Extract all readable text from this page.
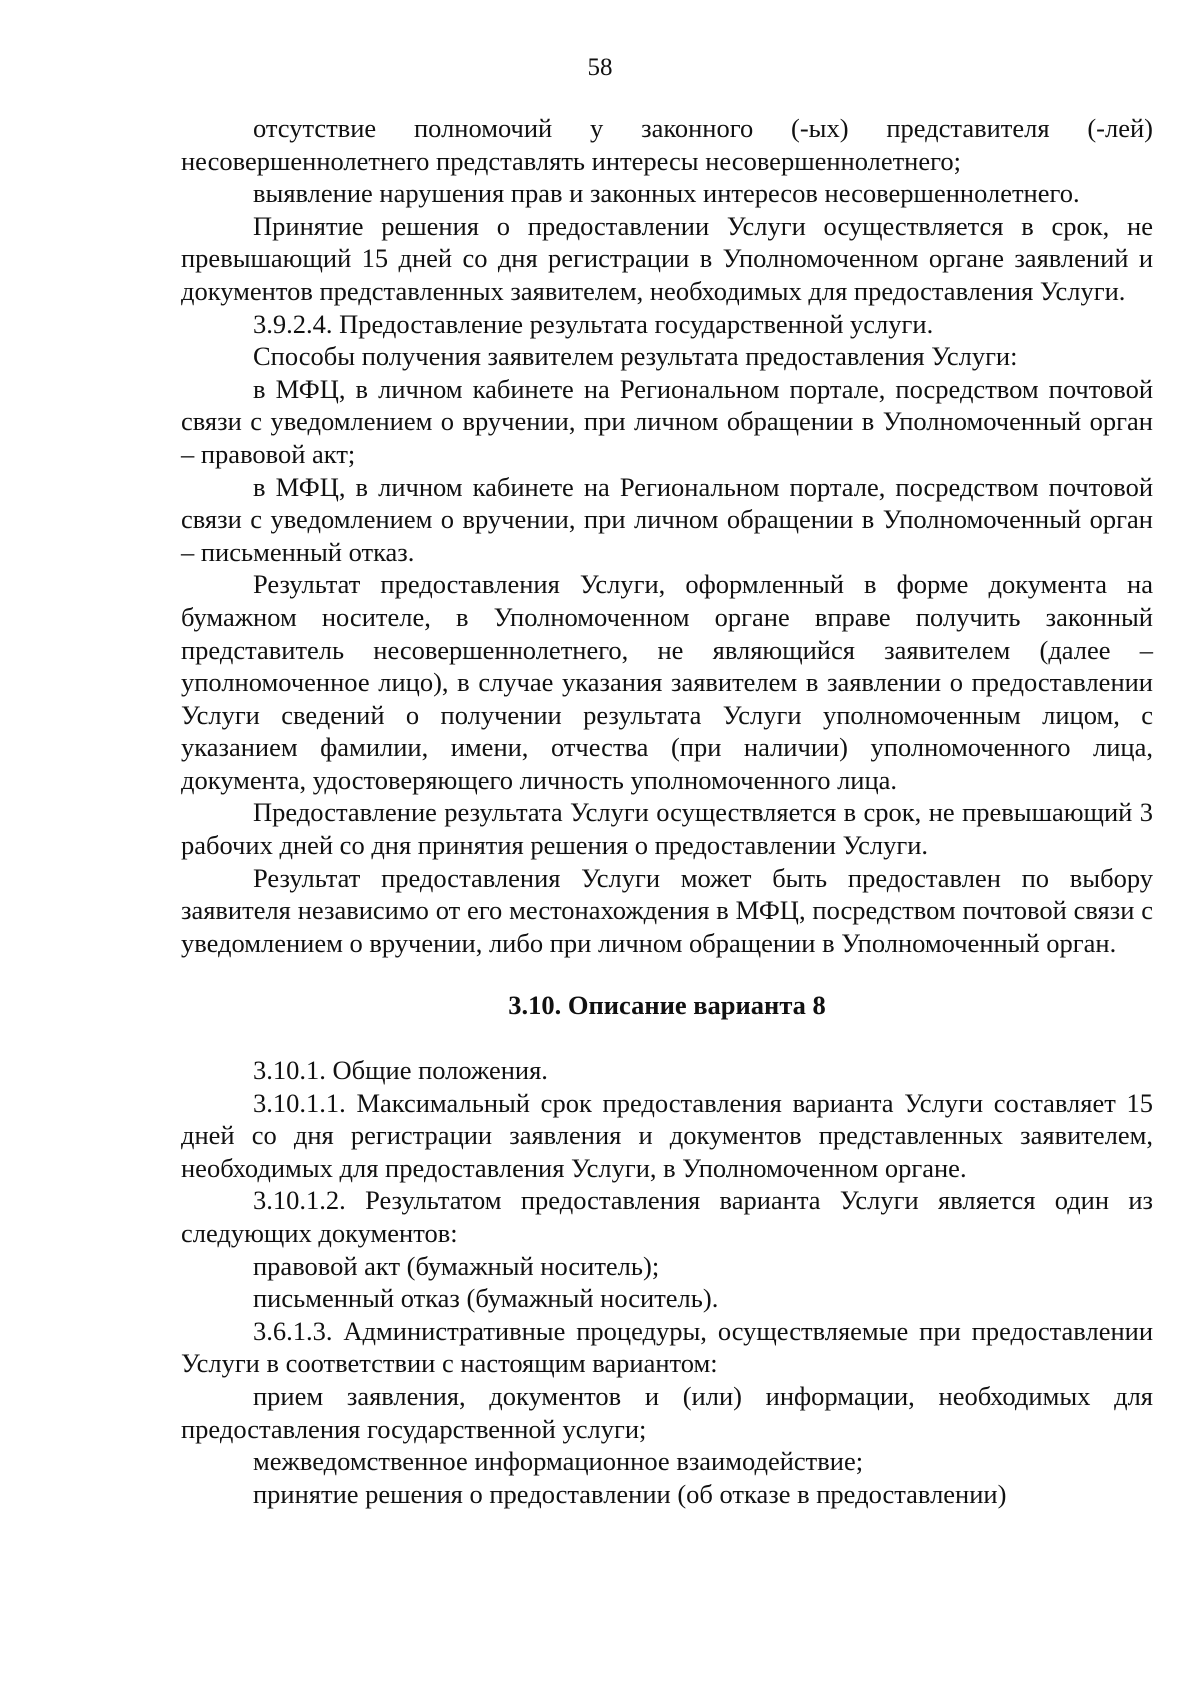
58

отсутствие полномочий у законного (-ых) представителя (-лей) несовершеннолетнего представлять интересы несовершеннолетнего;

выявление нарушения прав и законных интересов несовершеннолетнего.

Принятие решения о предоставлении Услуги осуществляется в срок, не превышающий 15 дней со дня регистрации в Уполномоченном органе заявлений и документов представленных заявителем, необходимых для предоставления Услуги.

3.9.2.4. Предоставление результата государственной услуги.

Способы получения заявителем результата предоставления Услуги:

в МФЦ, в личном кабинете на Региональном портале, посредством почтовой связи с уведомлением о вручении, при личном обращении в Уполномоченный орган – правовой акт;

в МФЦ, в личном кабинете на Региональном портале, посредством почтовой связи с уведомлением о вручении, при личном обращении в Уполномоченный орган – письменный отказ.

Результат предоставления Услуги, оформленный в форме документа на бумажном носителе, в Уполномоченном органе вправе получить законный представитель несовершеннолетнего, не являющийся заявителем (далее – уполномоченное лицо), в случае указания заявителем в заявлении о предоставлении Услуги сведений о получении результата Услуги уполномоченным лицом, с указанием фамилии, имени, отчества (при наличии) уполномоченного лица, документа, удостоверяющего личность уполномоченного лица.

Предоставление результата Услуги осуществляется в срок, не превышающий 3 рабочих дней со дня принятия решения о предоставлении Услуги.

Результат предоставления Услуги может быть предоставлен по выбору заявителя независимо от его местонахождения в МФЦ, посредством почтовой связи с уведомлением о вручении, либо при личном обращении в Уполномоченный орган.

3.10. Описание варианта 8

3.10.1. Общие положения.

3.10.1.1. Максимальный срок предоставления варианта Услуги составляет 15 дней со дня регистрации заявления и документов представленных заявителем, необходимых для предоставления Услуги, в Уполномоченном органе.

3.10.1.2. Результатом предоставления варианта Услуги является один из следующих документов:

правовой акт (бумажный носитель);

письменный отказ (бумажный носитель).

3.6.1.3. Административные процедуры, осуществляемые при предоставлении Услуги в соответствии с настоящим вариантом:

прием заявления, документов и (или) информации, необходимых для предоставления государственной услуги;

межведомственное информационное взаимодействие;

принятие решения о предоставлении (об отказе в предоставлении)
